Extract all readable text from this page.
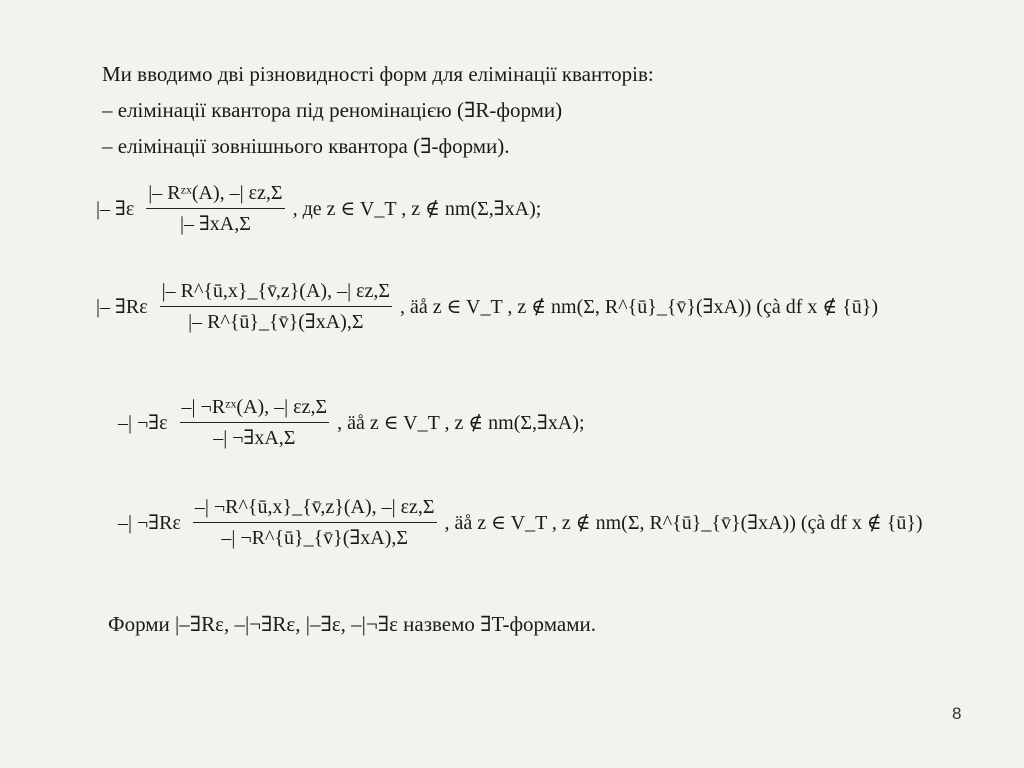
Ми вводимо дві різновидності форм для елімінації кванторів:
– елімінації квантора під реномінацією (∃R-форми)
– елімінації зовнішнього квантора (∃-форми).
|– ∃ε $\frac{\text{|– Rᶻˣ(A), –| εz,Σ}}{|- \exists xA,\Sigma}$ , де z ∈ V_T , z ∉ nm(Σ,∃xA);
|– ∃Rε $\frac{|- R\^{}\{ū,x\}\_\{v̄,z\}(A), -| \varepsilon z,\Sigma}{|- R\^{}\{ū\}\_\{v̄\}(\exists xA),\Sigma}$ , äå z ∈ V_T , z ∉ nm(Σ, R^{ū}_{v̄}(∃xA)) (çà df x ∉ {ū})
–| ¬∃ε $\frac{\text{–| ¬Rᶻˣ(A), –| εz,Σ}}{-| \neg\exists xA,\Sigma}$ , äå z ∈ V_T , z ∉ nm(Σ,∃xA);
–| ¬∃Rε $\frac{-| \neg R\^{}\{ū,x\}\_\{v̄,z\}(A), -| \varepsilon z,\Sigma}{-| \neg R\^{}\{ū\}\_\{v̄\}(\exists xA),\Sigma}$ , äå z ∈ V_T , z ∉ nm(Σ, R^{ū}_{v̄}(∃xA)) (çà df x ∉ {ū})
Форми |–∃Rε, –|¬∃Rε, |–∃ε, –|¬∃ε назвемо ∃T-формами.
8
